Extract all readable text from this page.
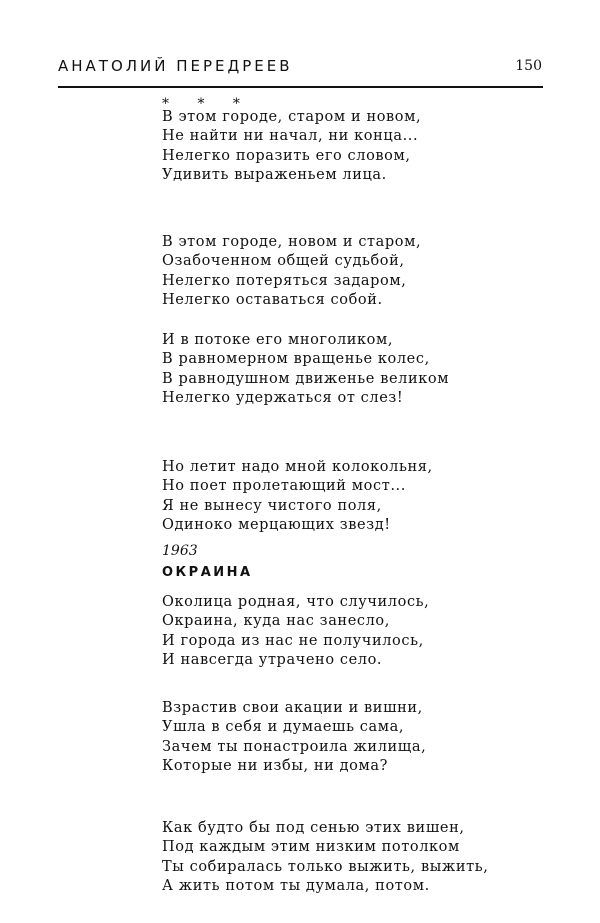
АНАТОЛИЙ ПЕРЕДРЕЕВ	150
* * *
В этом городе, старом и новом,
Не найти ни начал, ни конца...
Нелегко поразить его словом,
Удивить выраженьем лица.
В этом городе, новом и старом,
Озабоченном общей судьбой,
Нелегко потеряться задаром,
Нелегко оставаться собой.
И в потоке его многоликом,
В равномерном вращенье колес,
В равнодушном движенье великом
Нелегко удержаться от слез!
Но летит надо мной колокольня,
Но поет пролетающий мост...
Я не вынесу чистого поля,
Одиноко мерцающих звезд!
1963
ОКРАИНА
Околица родная, что случилось,
Окраина, куда нас занесло,
И города из нас не получилось,
И навсегда утрачено село.
Взрастив свои акации и вишни,
Ушла в себя и думаешь сама,
Зачем ты понастроила жилища,
Которые ни избы, ни дома?
Как будто бы под сенью этих вишен,
Под каждым этим низким потолком
Ты собиралась только выжить, выжить,
А жить потом ты думала, потом.
